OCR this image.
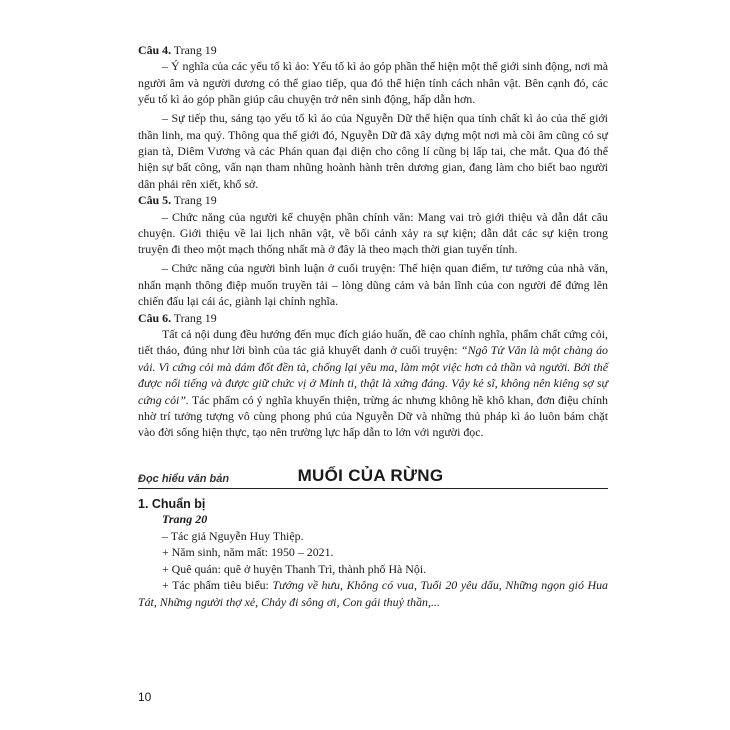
Câu 4. Trang 19

– Ý nghĩa của các yếu tố kì ảo: Yếu tố kì ảo góp phần thể hiện một thế giới sinh động, nơi mà người âm và người dương có thể giao tiếp, qua đó thể hiện tính cách nhân vật. Bên cạnh đó, các yếu tố kì ảo góp phần giúp câu chuyện trở nên sinh động, hấp dẫn hơn.

– Sự tiếp thu, sáng tạo yếu tố kì ảo của Nguyễn Dữ thể hiện qua tính chất kì ảo của thế giới thần linh, ma quỷ. Thông qua thế giới đó, Nguyễn Dữ đã xây dựng một nơi mà cõi âm cũng có sự gian tà, Diêm Vương và các Phán quan đại diện cho công lí cũng bị lấp tai, che mắt. Qua đó thể hiện sự bất công, vấn nạn tham nhũng hoành hành trên dương gian, đang làm cho biết bao người dân phải rên xiết, khổ sở.

Câu 5. Trang 19

– Chức năng của người kể chuyện phần chính văn: Mang vai trò giới thiệu và dẫn dắt câu chuyện. Giới thiệu về lai lịch nhân vật, về bối cảnh xảy ra sự kiện; dẫn dắt các sự kiện trong truyện đi theo một mạch thống nhất mà ở đây là theo mạch thời gian tuyến tính.

– Chức năng của người bình luận ở cuối truyện: Thể hiện quan điểm, tư tưởng của nhà văn, nhấn mạnh thông điệp muốn truyền tải – lòng dũng cảm và bản lĩnh của con người để đứng lên chiến đấu lại cái ác, giành lại chính nghĩa.

Câu 6. Trang 19

Tất cả nội dung đều hướng đến mục đích giáo huấn, đề cao chính nghĩa, phẩm chất cứng cỏi, tiết tháo, đúng như lời bình của tác giả khuyết danh ở cuối truyện: “Ngô Tử Văn là một chàng áo vải. Vì cứng cỏi mà dám đốt đền tà, chống lại yêu ma, làm một việc hơn cả thần và người. Bởi thế được nổi tiếng và được giữ chức vị ở Minh ti, thật là xứng đáng. Vậy kẻ sĩ, không nên kiêng sợ sự cứng cỏi”. Tác phẩm có ý nghĩa khuyến thiện, trừng ác nhưng không hề khô khan, đơn điệu chính nhờ trí tưởng tượng vô cùng phong phú của Nguyễn Dữ và những thủ pháp kì ảo luôn bám chặt vào đời sống hiện thực, tạo nên trường lực hấp dẫn to lớn với người đọc.

Đọc hiểu văn bản	MUỐI CỦA RỪNG
1. Chuẩn bị
Trang 20

– Tác giả Nguyễn Huy Thiệp.

+ Năm sinh, năm mất: 1950 – 2021.

+ Quê quán: quê ở huyện Thanh Trì, thành phố Hà Nội.

+ Tác phẩm tiêu biểu: Tướng về hưu, Không có vua, Tuổi 20 yêu dấu, Những ngọn gió Hua Tát, Những người thợ xẻ, Chảy đi sông ơi, Con gái thuỷ thần,...

10
